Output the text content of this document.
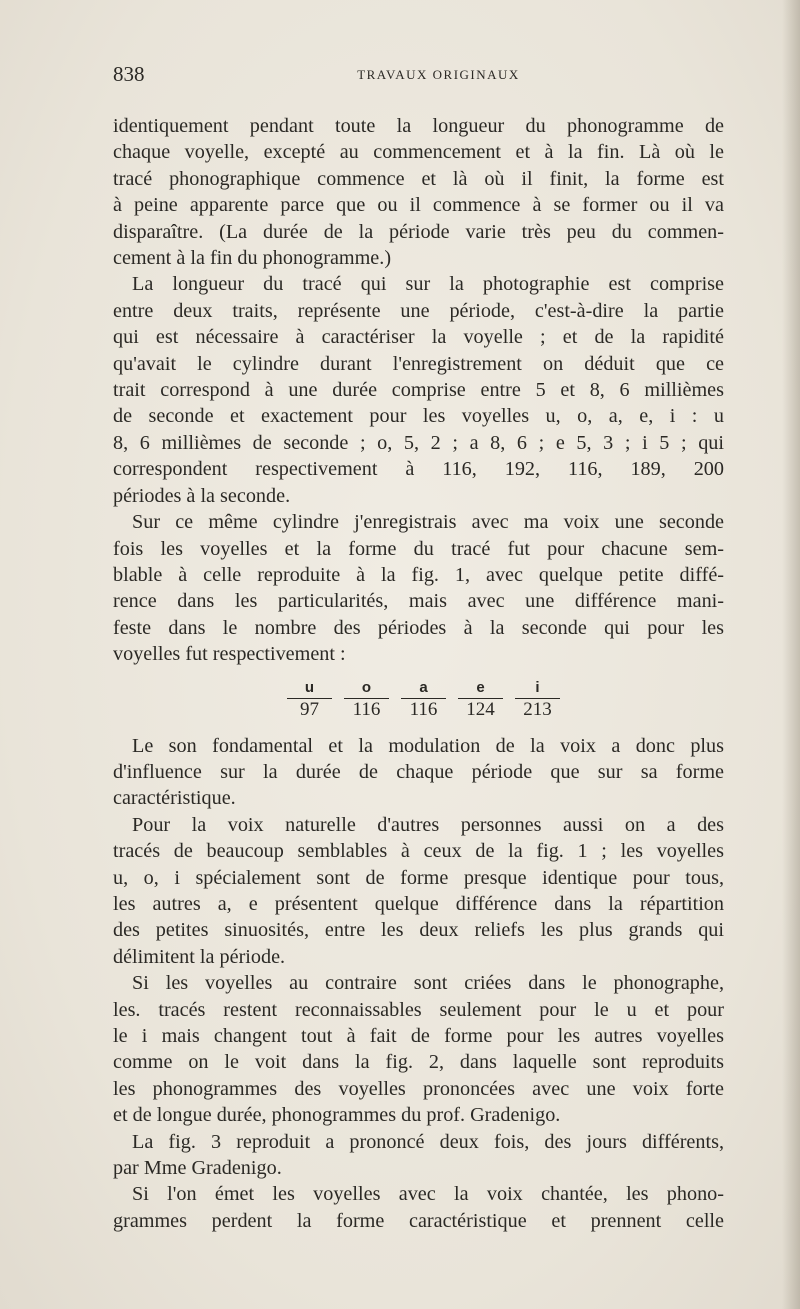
838	TRAVAUX ORIGINAUX
identiquement pendant toute la longueur du phonogramme de
chaque voyelle, excepté au commencement et à la fin. Là où le
tracé phonographique commence et là où il finit, la forme est
à peine apparente parce que ou il commence à se former ou il va
disparaître. (La durée de la période varie très peu du commen-
cement à la fin du phonogramme.)
La longueur du tracé qui sur la photographie est comprise
entre deux traits, représente une période, c'est-à-dire la partie
qui est nécessaire à caractériser la voyelle ; et de la rapidité
qu'avait le cylindre durant l'enregistrement on déduit que ce
trait correspond à une durée comprise entre 5 et 8, 6 millièmes
de seconde et exactement pour les voyelles u, o, a, e, i : u
8, 6 millièmes de seconde ; o, 5, 2 ; a 8, 6 ; e 5, 3 ; i 5 ; qui
correspondent respectivement à 116, 192, 116, 189, 200
périodes à la seconde.
Sur ce même cylindre j'enregistrais avec ma voix une seconde
fois les voyelles et la forme du tracé fut pour chacune sem-
blable à celle reproduite à la fig. 1, avec quelque petite diffé-
rence dans les particularités, mais avec une différence mani-
feste dans le nombre des périodes à la seconde qui pour les
voyelles fut respectivement :
u
97
o
116
a
116
e
124
i
213
Le son fondamental et la modulation de la voix a donc plus
d'influence sur la durée de chaque période que sur sa forme
caractéristique.
Pour la voix naturelle d'autres personnes aussi on a des
tracés de beaucoup semblables à ceux de la fig. 1 ; les voyelles
u, o, i spécialement sont de forme presque identique pour tous,
les autres a, e présentent quelque différence dans la répartition
des petites sinuosités, entre les deux reliefs les plus grands qui
délimitent la période.
Si les voyelles au contraire sont criées dans le phonographe,
les. tracés restent reconnaissables seulement pour le u et pour
le i mais changent tout à fait de forme pour les autres voyelles
comme on le voit dans la fig. 2, dans laquelle sont reproduits
les phonogrammes des voyelles prononcées avec une voix forte
et de longue durée, phonogrammes du prof. Gradenigo.
La fig. 3 reproduit a prononcé deux fois, des jours différents,
par Mme Gradenigo.
Si l'on émet les voyelles avec la voix chantée, les phono-
grammes perdent la forme caractéristique et prennent celle
